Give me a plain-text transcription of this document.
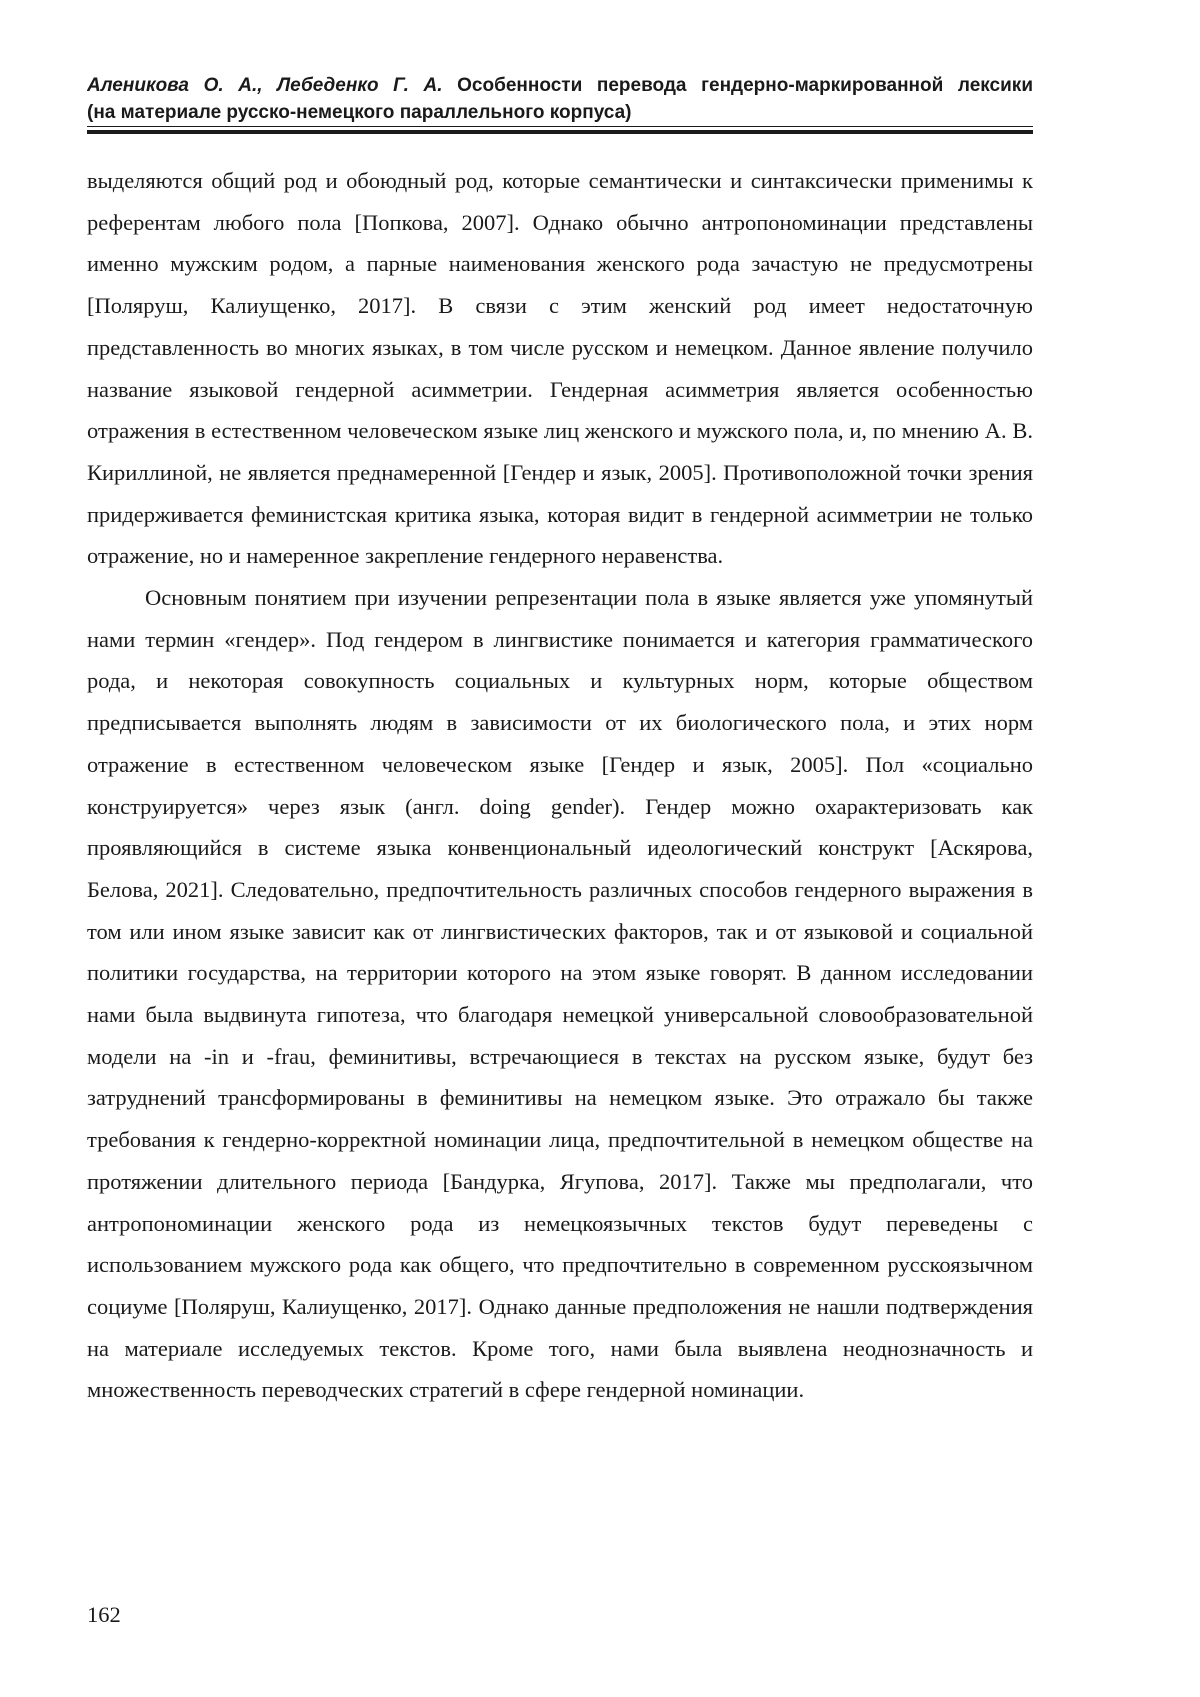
Аленикова О. А., Лебеденко Г. А. Особенности перевода гендерно-маркированной лексики
(на материале русско-немецкого параллельного корпуса)

выделяются общий род и обоюдный род, которые семантически и синтаксически применимы к референтам любого пола [Попкова, 2007]. Однако обычно антропономинации представлены именно мужским родом, а парные наименования женского рода зачастую не предусмотрены [Поляруш, Калиущенко, 2017]. В связи с этим женский род имеет недостаточную представленность во многих языках, в том числе русском и немецком. Данное явление получило название языковой гендерной асимметрии. Гендерная асимметрия является особенностью отражения в естественном человеческом языке лиц женского и мужского пола, и, по мнению А. В. Кириллиной, не является преднамеренной [Гендер и язык, 2005]. Противоположной точки зрения придерживается феминистская критика языка, которая видит в гендерной асимметрии не только отражение, но и намеренное закрепление гендерного неравенства.

Основным понятием при изучении репрезентации пола в языке является уже упомянутый нами термин «гендер». Под гендером в лингвистике понимается и категория грамматического рода, и некоторая совокупность социальных и культурных норм, которые обществом предписывается выполнять людям в зависимости от их биологического пола, и этих норм отражение в естественном человеческом языке [Гендер и язык, 2005]. Пол «социально конструируется» через язык (англ. doing gender). Гендер можно охарактеризовать как проявляющийся в системе языка конвенциональный идеологический конструкт [Аскярова, Белова, 2021]. Следовательно, предпочтительность различных способов гендерного выражения в том или ином языке зависит как от лингвистических факторов, так и от языковой и социальной политики государства, на территории которого на этом языке говорят. В данном исследовании нами была выдвинута гипотеза, что благодаря немецкой универсальной словообразовательной модели на -in и -frau, феминитивы, встречающиеся в текстах на русском языке, будут без затруднений трансформированы в феминитивы на немецком языке. Это отражало бы также требования к гендерно-корректной номинации лица, предпочтительной в немецком обществе на протяжении длительного периода [Бандурка, Ягупова, 2017]. Также мы предполагали, что антропономинации женского рода из немецкоязычных текстов будут переведены с использованием мужского рода как общего, что предпочтительно в современном русскоязычном социуме [Поляруш, Калиущенко, 2017]. Однако данные предположения не нашли подтверждения на материале исследуемых текстов. Кроме того, нами была выявлена неоднозначность и множественность переводческих стратегий в сфере гендерной номинации.

162
